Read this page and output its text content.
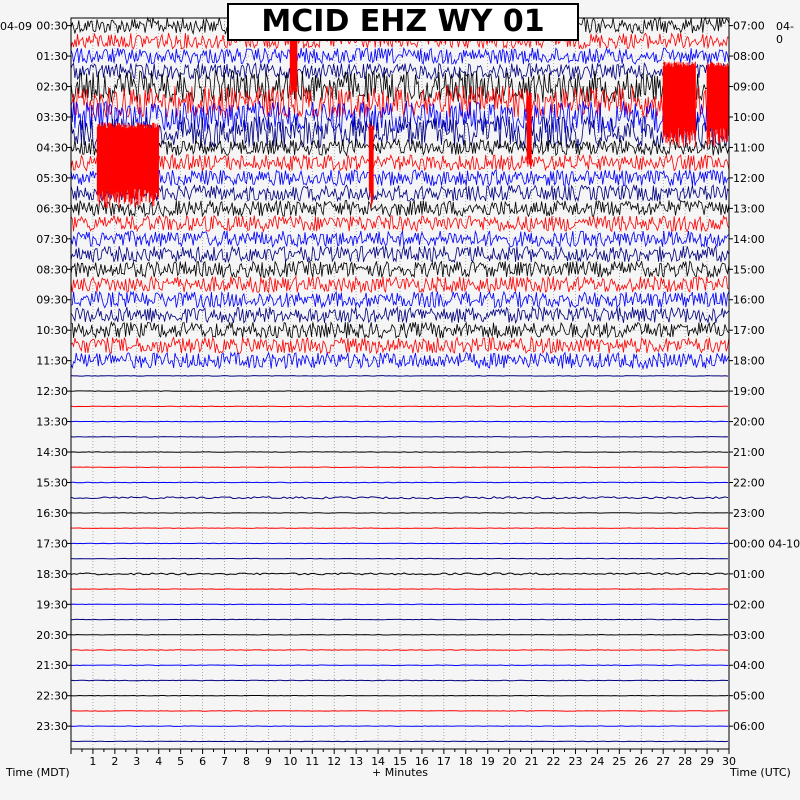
1 2 3 4 5 6 7 8 9 10 11 12 13 14 15 16 17 18 19 20 21 22 23 24 25 26 27 28 29 30
00:30
01:30
02:30
03:30
04:30
05:30
06:30
07:30
08:30
09:30
10:30
11:30
12:30
13:30
14:30
15:30
16:30
17:30
18:30
19:30
20:30
21:30
22:30
23:30
07:00
08:00
09:00
10:00
11:00
12:00
13:00
14:00
15:00
16:00
17:00
18:00
19:00
20:00
21:00
22:00
23:00
00:00 04-10
01:00
02:00
03:00
04:00
05:00
06:00
MCID EHZ WY 01
04-09	04-0
Time (MDT)	Time (UTC)
+ Minutes
